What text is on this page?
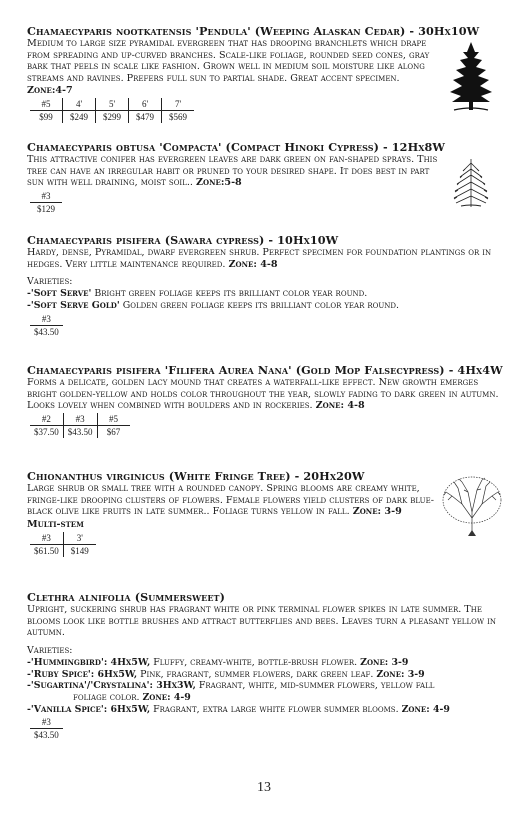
Chamaecyparis nootkatensis 'Pendula' (Weeping Alaskan Cedar) - 30Hx10W
Medium to large size pyramidal evergreen that has drooping branchlets which drape from spreading and up-curved branches. Scale-like foliage, rounded seed cones, gray bark that peels in scale like fashion. Grown well in medium soil moisture like along streams and ravines. Prefers full sun to partial shade. Great accent specimen. Zone:4-7
#5	4'	5'	6'	7'
$99	$249	$299	$479	$569
Chamaecyparis obtusa 'Compacta' (Compact Hinoki Cypress) - 12Hx8W
This attractive conifer has evergreen leaves are dark green on fan-shaped sprays. This tree can have an irregular habit or pruned to your desired shape. It does best in part sun with well draining, moist soil.. Zone:5-8
#3
$129
Chamaecyparis pisifera (Sawara cypress) - 10Hx10W
Hardy, dense, Pyramidal, dwarf evergreen shrub. Perfect specimen for foundation plantings or in hedges. Very little maintenance required. Zone: 4-8
Varieties:
-'Soft Serve' Bright green foliage keeps its brilliant color year round.
-'Soft Serve Gold' Golden green foliage keeps its brilliant color year round.
#3
$43.50
Chamaecyparis pisifera 'Filifera Aurea Nana' (Gold Mop Falsecypress) - 4Hx4W
Forms a delicate, golden lacy mound that creates a waterfall-like effect. New growth emerges bright golden-yellow and holds color throughout the year, slowly fading to dark green in autumn. Looks lovely when combined with boulders and in rockeries. Zone: 4-8
#2	#3	#5
$37.50	$43.50	$67
Chionanthus virginicus (White Fringe Tree) - 20Hx20W
Large shrub or small tree with a rounded canopy. Spring blooms are creamy white, fringe-like drooping clusters of flowers. Female flowers yield clusters of dark blue-black olive like fruits in late summer.. Foliage turns yellow in fall. Zone: 3-9
Multi-stem
#3	3'
$61.50	$149
Clethra alnifolia (Summersweet)
Upright, suckering shrub has fragrant white or pink terminal flower spikes in late summer. The blooms look like bottle brushes and attract butterflies and bees. Leaves turn a pleasant yellow in autumn.
Varieties:
-'Hummingbird': 4Hx5W, Fluffy, creamy-white, bottle-brush flower. Zone: 3-9
-'Ruby Spice': 6Hx5W, Pink, fragrant, summer flowers, dark green leaf. Zone: 3-9
-'Sugartina'/'Crystalina': 3Hx3W, Fragrant, white, mid-summer flowers, yellow fall
foliage color. Zone: 4-9
-'Vanilla Spice': 6Hx5W, Fragrant, extra large white flower summer blooms. Zone: 4-9
#3
$43.50
13
